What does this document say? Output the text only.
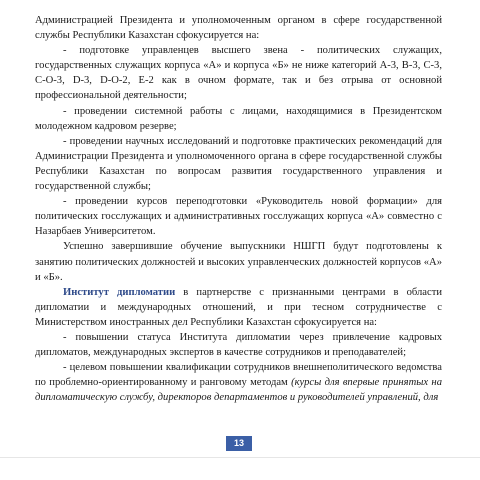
Администрацией Президента и уполномоченным органом в сфере государственной службы Республики Казахстан сфокусируется на:

- подготовке управленцев высшего звена - политических служащих, государственных служащих корпуса «А» и корпуса «Б» не ниже категорий А-3, В-3, С-3, С-О-3, D-3, D-О-2, Е-2 как в очном формате, так и без отрыва от основной профессиональной деятельности;

- проведении системной работы с лицами, находящимися в Президентском молодежном кадровом резерве;

- проведении научных исследований и подготовке практических рекомендаций для Администрации Президента и уполномоченного органа в сфере государственной службы Республики Казахстан по вопросам развития государственного управления и государственной службы;

- проведении курсов переподготовки «Руководитель новой формации» для политических госслужащих и административных госслужащих корпуса «А» совместно с Назарбаев Университетом.

Успешно завершившие обучение выпускники НШГП будут подготовлены к занятию политических должностей и высоких управленческих должностей корпусов «А» и «Б».

Институт дипломатии в партнерстве с признанными центрами в области дипломатии и международных отношений, и при тесном сотрудничестве с Министерством иностранных дел Республики Казахстан сфокусируется на:

- повышении статуса Института дипломатии через привлечение кадровых дипломатов, международных экспертов в качестве сотрудников и преподавателей;

- целевом повышении квалификации сотрудников внешнеполитического ведомства по проблемно-ориентированному и ранговому методам (курсы для впервые принятых на дипломатическую службу, директоров департаментов и руководителей управлений, для

13
